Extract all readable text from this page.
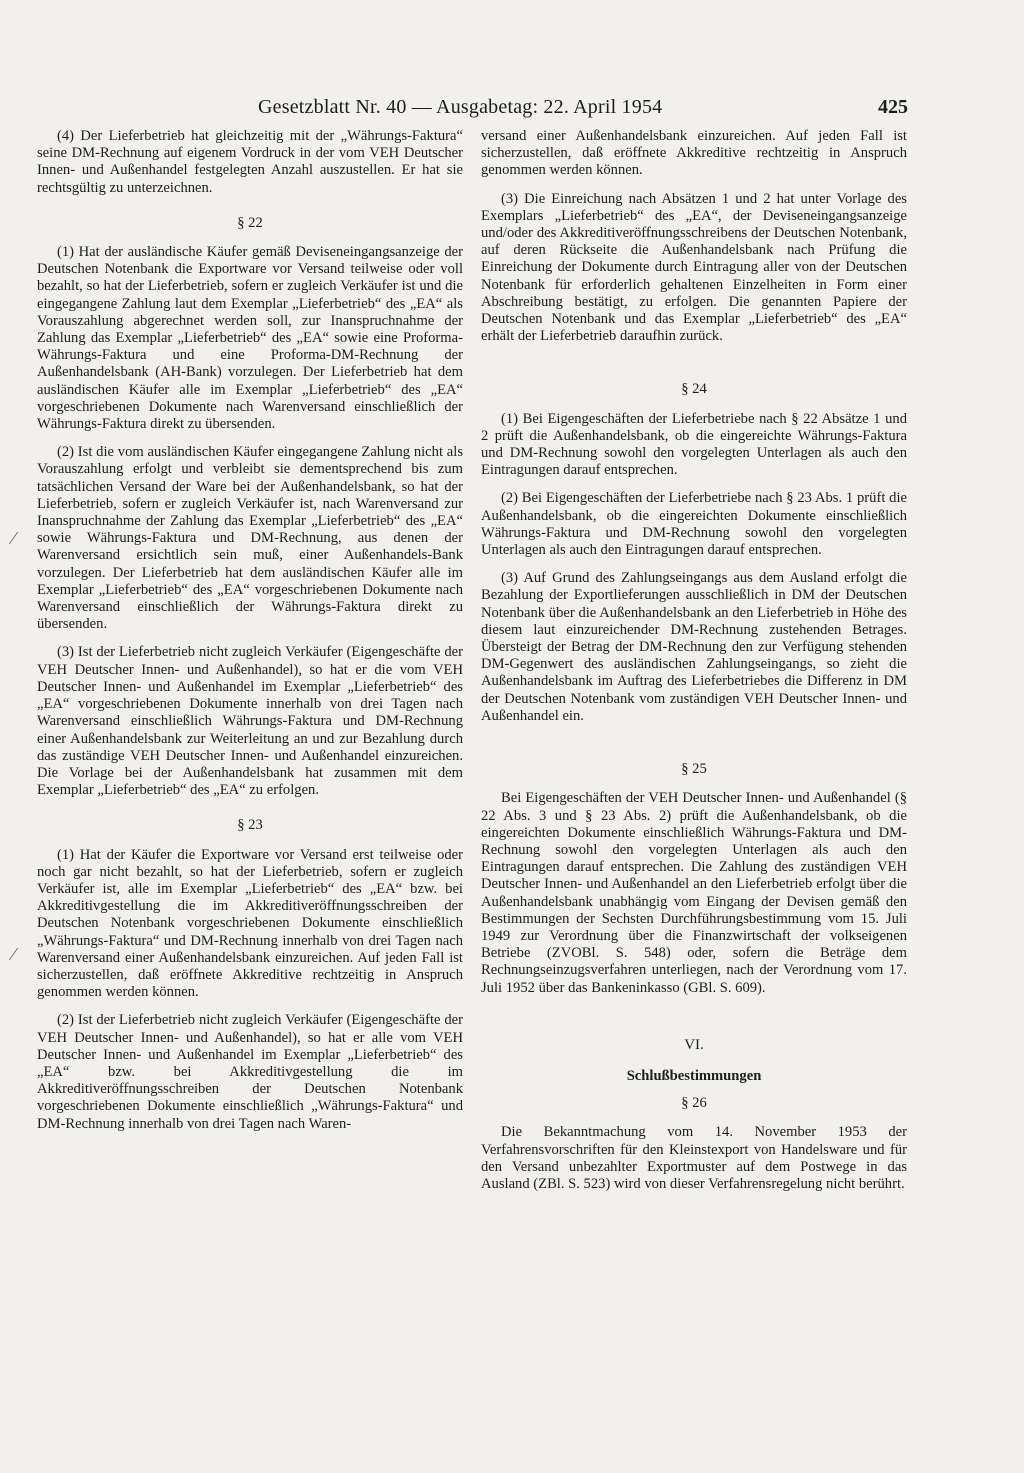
Gesetzblatt Nr. 40 — Ausgabetag: 22. April 1954	425

(4) Der Lieferbetrieb hat gleichzeitig mit der „Währungs-Faktura“ seine DM-Rechnung auf eigenem Vordruck in der vom VEH Deutscher Innen- und Außenhandel festgelegten Anzahl auszustellen. Er hat sie rechtsgültig zu unterzeichnen.

§ 22

(1) Hat der ausländische Käufer gemäß Deviseneingangsanzeige der Deutschen Notenbank die Exportware vor Versand teilweise oder voll bezahlt, so hat der Lieferbetrieb, sofern er zugleich Verkäufer ist und die eingegangene Zahlung laut dem Exemplar „Lieferbetrieb“ des „EA“ als Vorauszahlung abgerechnet werden soll, zur Inanspruchnahme der Zahlung das Exemplar „Lieferbetrieb“ des „EA“ sowie eine Proforma-Währungs-Faktura und eine Proforma-DM-Rechnung der Außenhandelsbank (AH-Bank) vorzulegen. Der Lieferbetrieb hat dem ausländischen Käufer alle im Exemplar „Lieferbetrieb“ des „EA“ vorgeschriebenen Dokumente nach Warenversand einschließlich der Währungs-Faktura direkt zu übersenden.

(2) Ist die vom ausländischen Käufer eingegangene Zahlung nicht als Vorauszahlung erfolgt und verbleibt sie dementsprechend bis zum tatsächlichen Versand der Ware bei der Außenhandelsbank, so hat der Lieferbetrieb, sofern er zugleich Verkäufer ist, nach Warenversand zur Inanspruchnahme der Zahlung das Exemplar „Lieferbetrieb“ des „EA“ sowie Währungs-Faktura und DM-Rechnung, aus denen der Warenversand ersichtlich sein muß, einer Außenhandels-Bank vorzulegen. Der Lieferbetrieb hat dem ausländischen Käufer alle im Exemplar „Lieferbetrieb“ des „EA“ vorgeschriebenen Dokumente nach Warenversand einschließlich der Währungs-Faktura direkt zu übersenden.

(3) Ist der Lieferbetrieb nicht zugleich Verkäufer (Eigengeschäfte der VEH Deutscher Innen- und Außenhandel), so hat er die vom VEH Deutscher Innen- und Außenhandel im Exemplar „Lieferbetrieb“ des „EA“ vorgeschriebenen Dokumente innerhalb von drei Tagen nach Warenversand einschließlich Währungs-Faktura und DM-Rechnung einer Außenhandelsbank zur Weiterleitung an und zur Bezahlung durch das zuständige VEH Deutscher Innen- und Außenhandel einzureichen. Die Vorlage bei der Außenhandelsbank hat zusammen mit dem Exemplar „Lieferbetrieb“ des „EA“ zu erfolgen.

§ 23

(1) Hat der Käufer die Exportware vor Versand erst teilweise oder noch gar nicht bezahlt, so hat der Lieferbetrieb, sofern er zugleich Verkäufer ist, alle im Exemplar „Lieferbetrieb“ des „EA“ bzw. bei Akkreditivgestellung die im Akkreditiveröffnungsschreiben der Deutschen Notenbank vorgeschriebenen Dokumente einschließlich „Währungs-Faktura“ und DM-Rechnung innerhalb von drei Tagen nach Warenversand einer Außenhandelsbank einzureichen. Auf jeden Fall ist sicherzustellen, daß eröffnete Akkreditive rechtzeitig in Anspruch genommen werden können.

(2) Ist der Lieferbetrieb nicht zugleich Verkäufer (Eigengeschäfte der VEH Deutscher Innen- und Außenhandel), so hat er alle vom VEH Deutscher Innen- und Außenhandel im Exemplar „Lieferbetrieb“ des „EA“ bzw. bei Akkreditivgestellung die im Akkreditiveröffnungsschreiben der Deutschen Notenbank vorgeschriebenen Dokumente einschließlich „Währungs-Faktura“ und DM-Rechnung innerhalb von drei Tagen nach Waren-

versand einer Außenhandelsbank einzureichen. Auf jeden Fall ist sicherzustellen, daß eröffnete Akkreditive rechtzeitig in Anspruch genommen werden können.

(3) Die Einreichung nach Absätzen 1 und 2 hat unter Vorlage des Exemplars „Lieferbetrieb“ des „EA“, der Deviseneingangsanzeige und/oder des Akkreditiveröffnungsschreibens der Deutschen Notenbank, auf deren Rückseite die Außenhandelsbank nach Prüfung die Einreichung der Dokumente durch Eintragung aller von der Deutschen Notenbank für erforderlich gehaltenen Einzelheiten in Form einer Abschreibung bestätigt, zu erfolgen. Die genannten Papiere der Deutschen Notenbank und das Exemplar „Lieferbetrieb“ des „EA“ erhält der Lieferbetrieb daraufhin zurück.

§ 24

(1) Bei Eigengeschäften der Lieferbetriebe nach § 22 Absätze 1 und 2 prüft die Außenhandelsbank, ob die eingereichte Währungs-Faktura und DM-Rechnung sowohl den vorgelegten Unterlagen als auch den Eintragungen darauf entsprechen.

(2) Bei Eigengeschäften der Lieferbetriebe nach § 23 Abs. 1 prüft die Außenhandelsbank, ob die eingereichten Dokumente einschließlich Währungs-Faktura und DM-Rechnung sowohl den vorgelegten Unterlagen als auch den Eintragungen darauf entsprechen.

(3) Auf Grund des Zahlungseingangs aus dem Ausland erfolgt die Bezahlung der Exportlieferungen ausschließlich in DM der Deutschen Notenbank über die Außenhandelsbank an den Lieferbetrieb in Höhe des diesem laut einzureichender DM-Rechnung zustehenden Betrages. Übersteigt der Betrag der DM-Rechnung den zur Verfügung stehenden DM-Gegenwert des ausländischen Zahlungseingangs, so zieht die Außenhandelsbank im Auftrag des Lieferbetriebes die Differenz in DM der Deutschen Notenbank vom zuständigen VEH Deutscher Innen- und Außenhandel ein.

§ 25

Bei Eigengeschäften der VEH Deutscher Innen- und Außenhandel (§ 22 Abs. 3 und § 23 Abs. 2) prüft die Außenhandelsbank, ob die eingereichten Dokumente einschließlich Währungs-Faktura und DM-Rechnung sowohl den vorgelegten Unterlagen als auch den Eintragungen darauf entsprechen. Die Zahlung des zuständigen VEH Deutscher Innen- und Außenhandel an den Lieferbetrieb erfolgt über die Außenhandelsbank unabhängig vom Eingang der Devisen gemäß den Bestimmungen der Sechsten Durchführungsbestimmung vom 15. Juli 1949 zur Verordnung über die Finanzwirtschaft der volkseigenen Betriebe (ZVOBl. S. 548) oder, sofern die Beträge dem Rechnungseinzugsverfahren unterliegen, nach der Verordnung vom 17. Juli 1952 über das Bankeninkasso (GBl. S. 609).

VI.
Schlußbestimmungen
§ 26

Die Bekanntmachung vom 14. November 1953 der Verfahrensvorschriften für den Kleinstexport von Handelsware und für den Versand unbezahlter Exportmuster auf dem Postwege in das Ausland (ZBl. S. 523) wird von dieser Verfahrensregelung nicht berührt.

⁄
⁄
